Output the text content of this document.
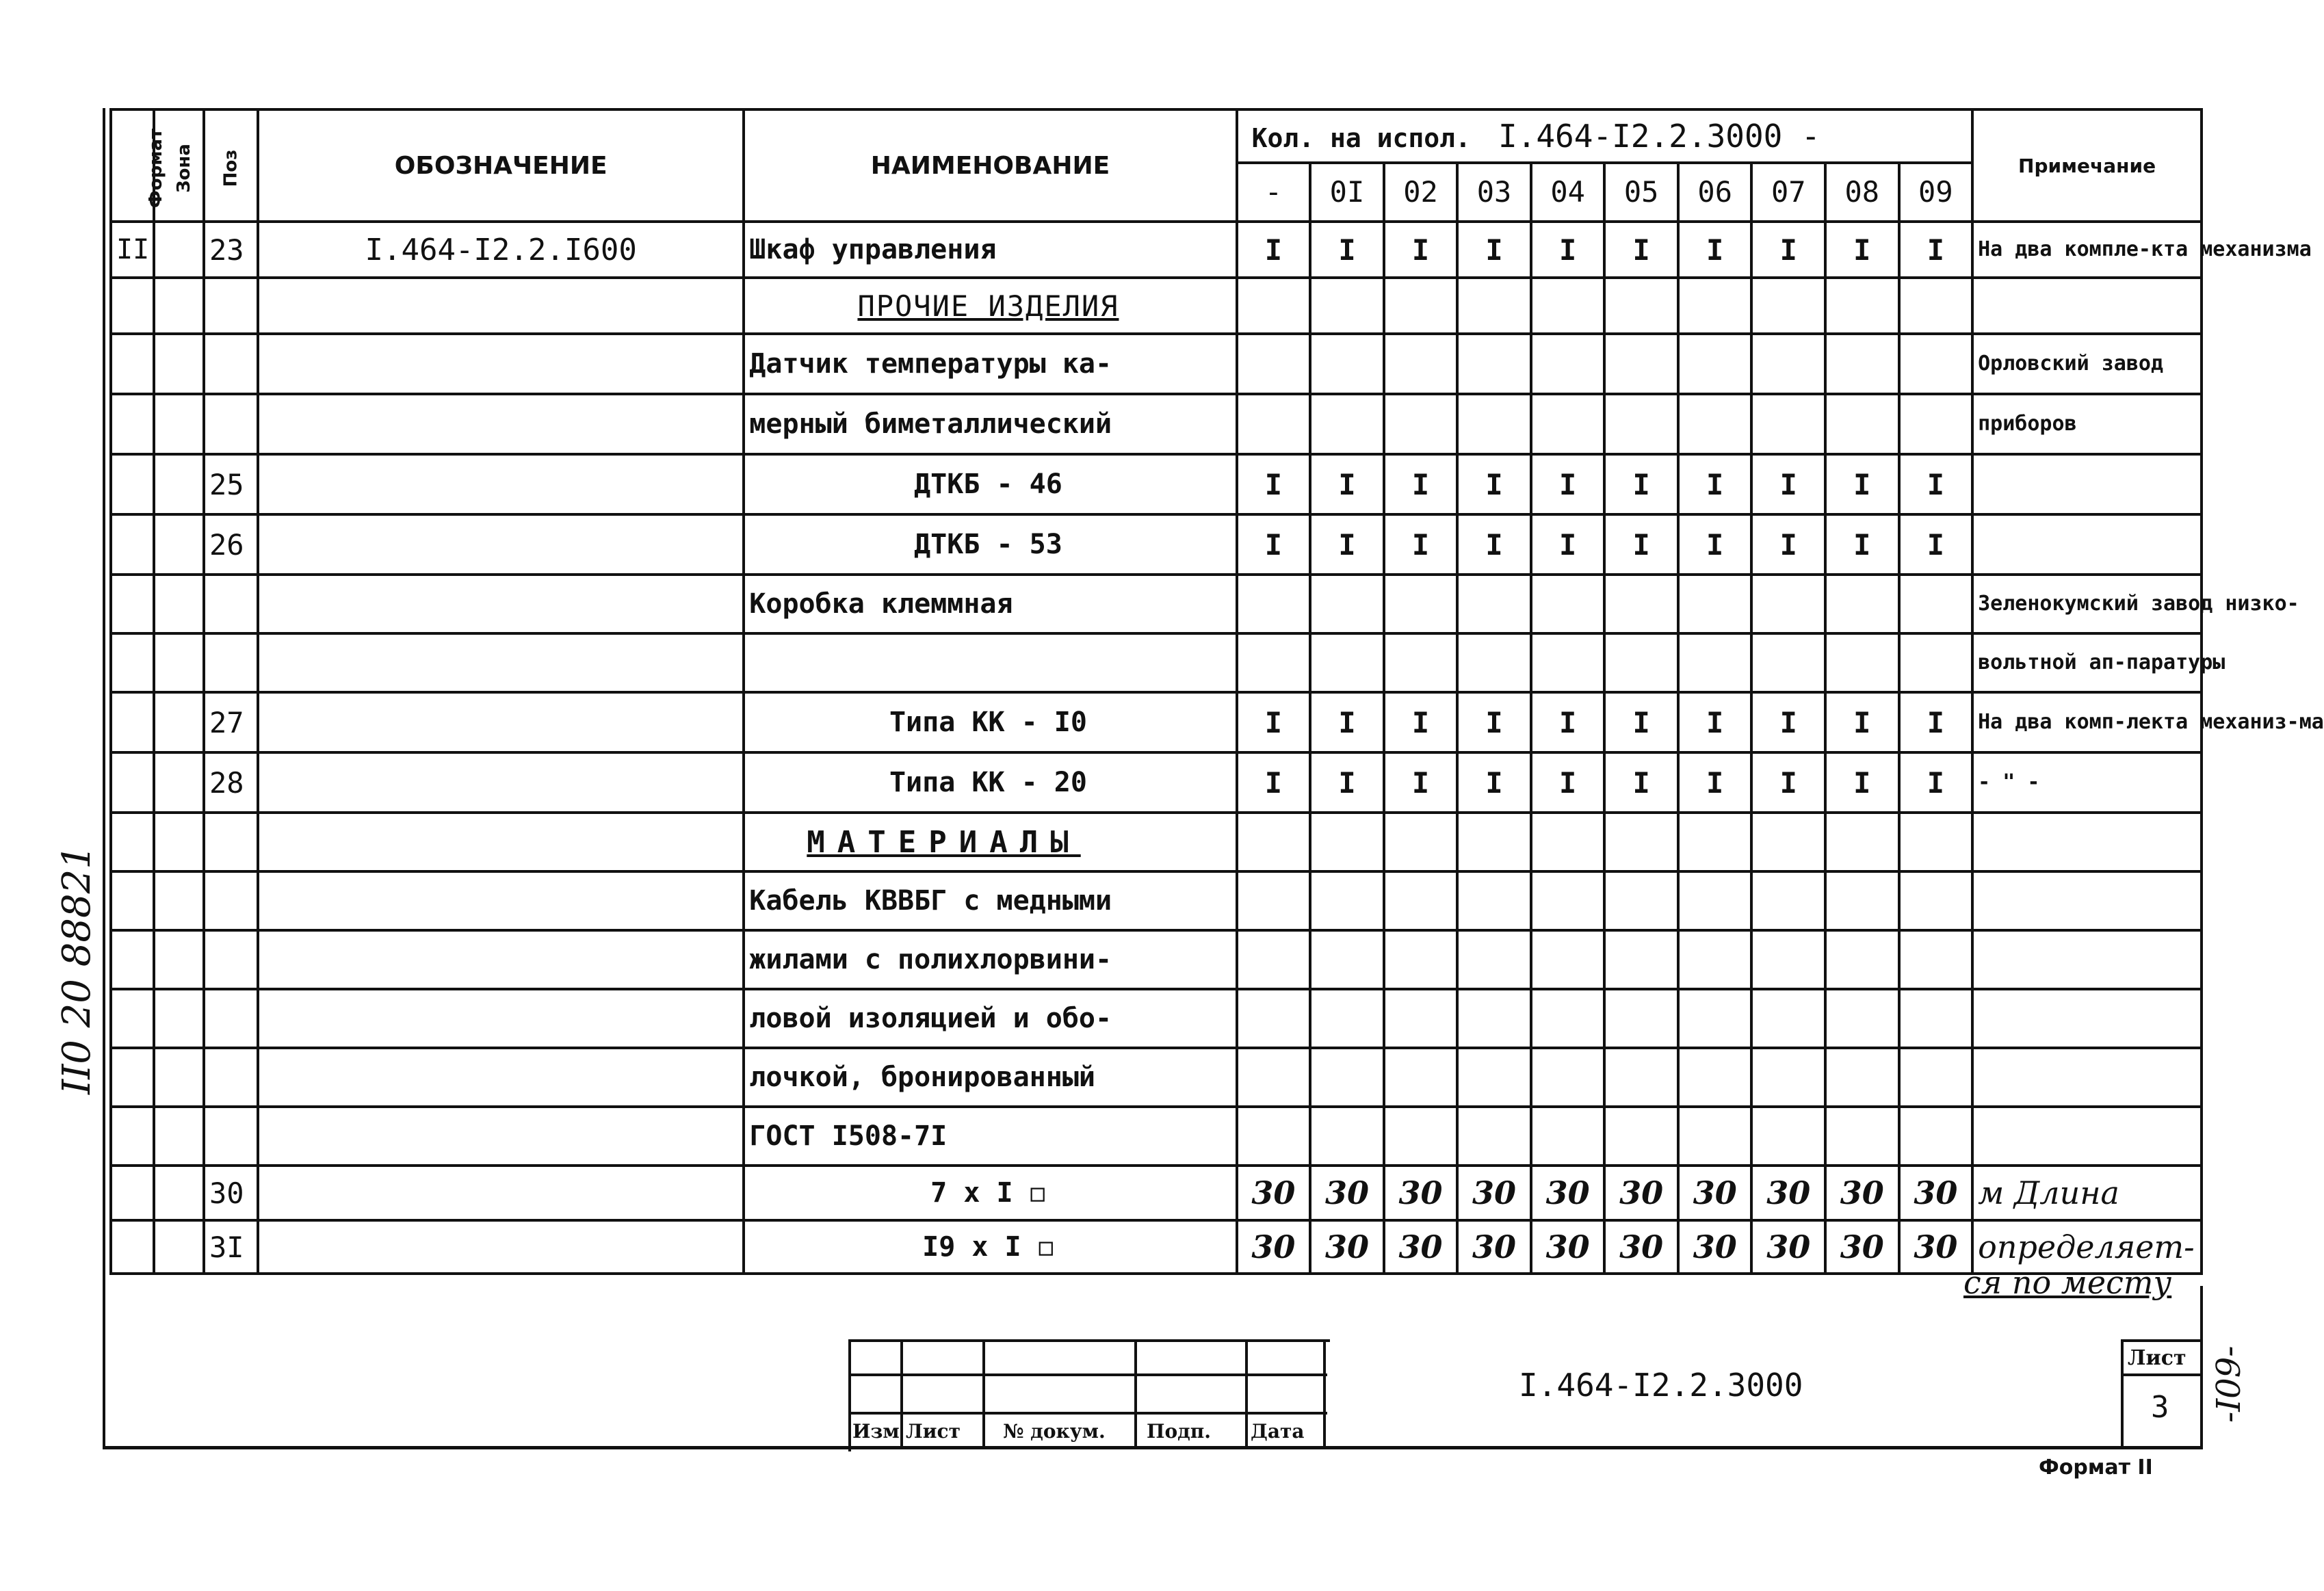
Формат	Зона	Поз	ОБОЗНАЧЕНИЕ	НАИМЕНОВАНИЕ	Кол. на испол. I.464-I2.2.3000 -										Примечание
					-	0I	02	03	04	05	06	07	08	09	
II		23	I.464-I2.2.I600	Шкаф управления	I	I	I	I	I	I	I	I	I	I	На два компле-кта механизма
				ПРОЧИЕ ИЗДЕЛИЯ											
				Датчик температуры ка-											Орловский завод
				мерный биметаллический											приборов
		25		ДТКБ - 46	I	I	I	I	I	I	I	I	I	I	
		26		ДТКБ - 53	I	I	I	I	I	I	I	I	I	I	
				Коробка клеммная											Зеленокумский завод низко-
															вольтной ап-паратуры
		27		Типа КК - I0	I	I	I	I	I	I	I	I	I	I	На два комп-лекта механиз-ма
		28		Типа КК - 20	I	I	I	I	I	I	I	I	I	I	- " -
				МАТЕРИАЛЫ											
				Кабель КВВБГ с медными											
				жилами с полихлорвини-											
				ловой изоляцией и обо-											
				лочкой, бронированный											
				ГОСТ I508-7I											
		30		7 x I ◻	30	30	30	30	30	30	30	30	30	30	м Длина
		3I		I9 x I ◻	30	30	30	30	30	30	30	30	30	30	определяет-
ся по месту
Изм Лист № докум. Подп. Дата
I.464-I2.2.3000
Лист
3
Формат II
II0 20 88821
-I09-
